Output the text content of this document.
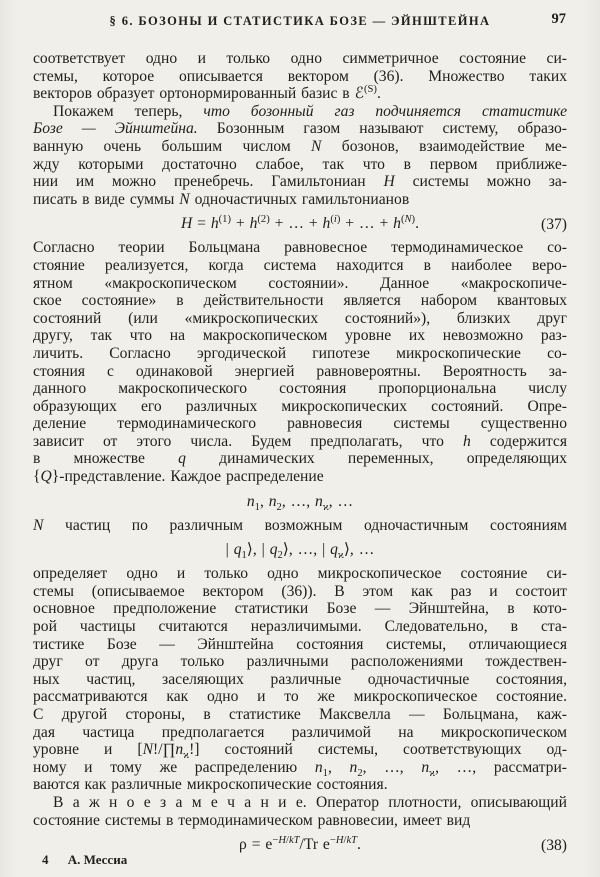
§ 6. БОЗОНЫ И СТАТИСТИКА БОЗЕ — ЭЙНШТЕЙНА	97
соответствует одно и только одно симметричное состояние си-
стемы, которое описывается вектором (36). Множество таких
векторов образует ортонормированный базис в ℰ$^{(S)}$.
Покажем теперь, что бозонный газ подчиняется статистике
Бозе — Эйнштейна. Бозонным газом называют систему, образо-
ванную очень большим числом N бозонов, взаимодействие ме-
жду которыми достаточно слабое, так что в первом приближе-
нии им можно пренебречь. Гамильтониан H системы можно за-
писать в виде суммы N одночастичных гамильтонианов
$H = h^{(1)} + h^{(2)}$ + … + $h^{(i)}$ + … + $h^{(N)}$.	(37)
Согласно теории Больцмана равновесное термодинамическое со-
стояние реализуется, когда система находится в наиболее веро-
ятном «макроскопическом состоянии». Данное «макроскопиче-
ское состояние» в действительности является набором квантовых
состояний (или «микроскопических состояний»), близких друг
другу, так что на макроскопическом уровне их невозможно раз-
личить. Согласно эргодической гипотезе микроскопические со-
стояния с одинаковой энергией равновероятны. Вероятность за-
данного макроскопического состояния пропорциональна числу
образующих его различных микроскопических состояний. Опре-
деление термодинамического равновесия системы существенно
зависит от этого числа. Будем предполагать, что h содержится
в множестве q динамических переменных, определяющих
{Q}-представление. Каждое распределение
$n_1$, $n_2$, …, $n_ϰ$, …
N частиц по различным возможным одночастичным состояниям
| $q_1⟩$, | $q_2⟩$, …, | $q_ϰ⟩$, …
определяет одно и только одно микроскопическое состояние си-
стемы (описываемое вектором (36)). В этом как раз и состоит
основное предположение статистики Бозе — Эйнштейна, в кото-
рой частицы считаются неразличимыми. Следовательно, в ста-
тистике Бозе — Эйнштейна состояния системы, отличающиеся
друг от друга только различными расположениями тождествен-
ных частиц, заселяющих различные одночастичные состояния,
рассматриваются как одно и то же микроскопическое состояние.
С другой стороны, в статистике Максвелла — Больцмана, каж-
дая частица предполагается различимой на микроскопическом
уровне и $[N!/\prod n_ϰ!]$ состояний системы, соответствующих од-
ному и тому же распределению $n_1$, $n_2$, …, $n_ϰ$, …, рассматри-
ваются как различные микроскопические состояния.
В а ж н о е з а м е ч а н и е. Оператор плотности, описывающий
состояние системы в термодинамическом равновесии, имеет вид
$\rho = e^{-H/kT}/Tr$ $e^{-H/kT}$.	(38)
4 А. Мессиа
